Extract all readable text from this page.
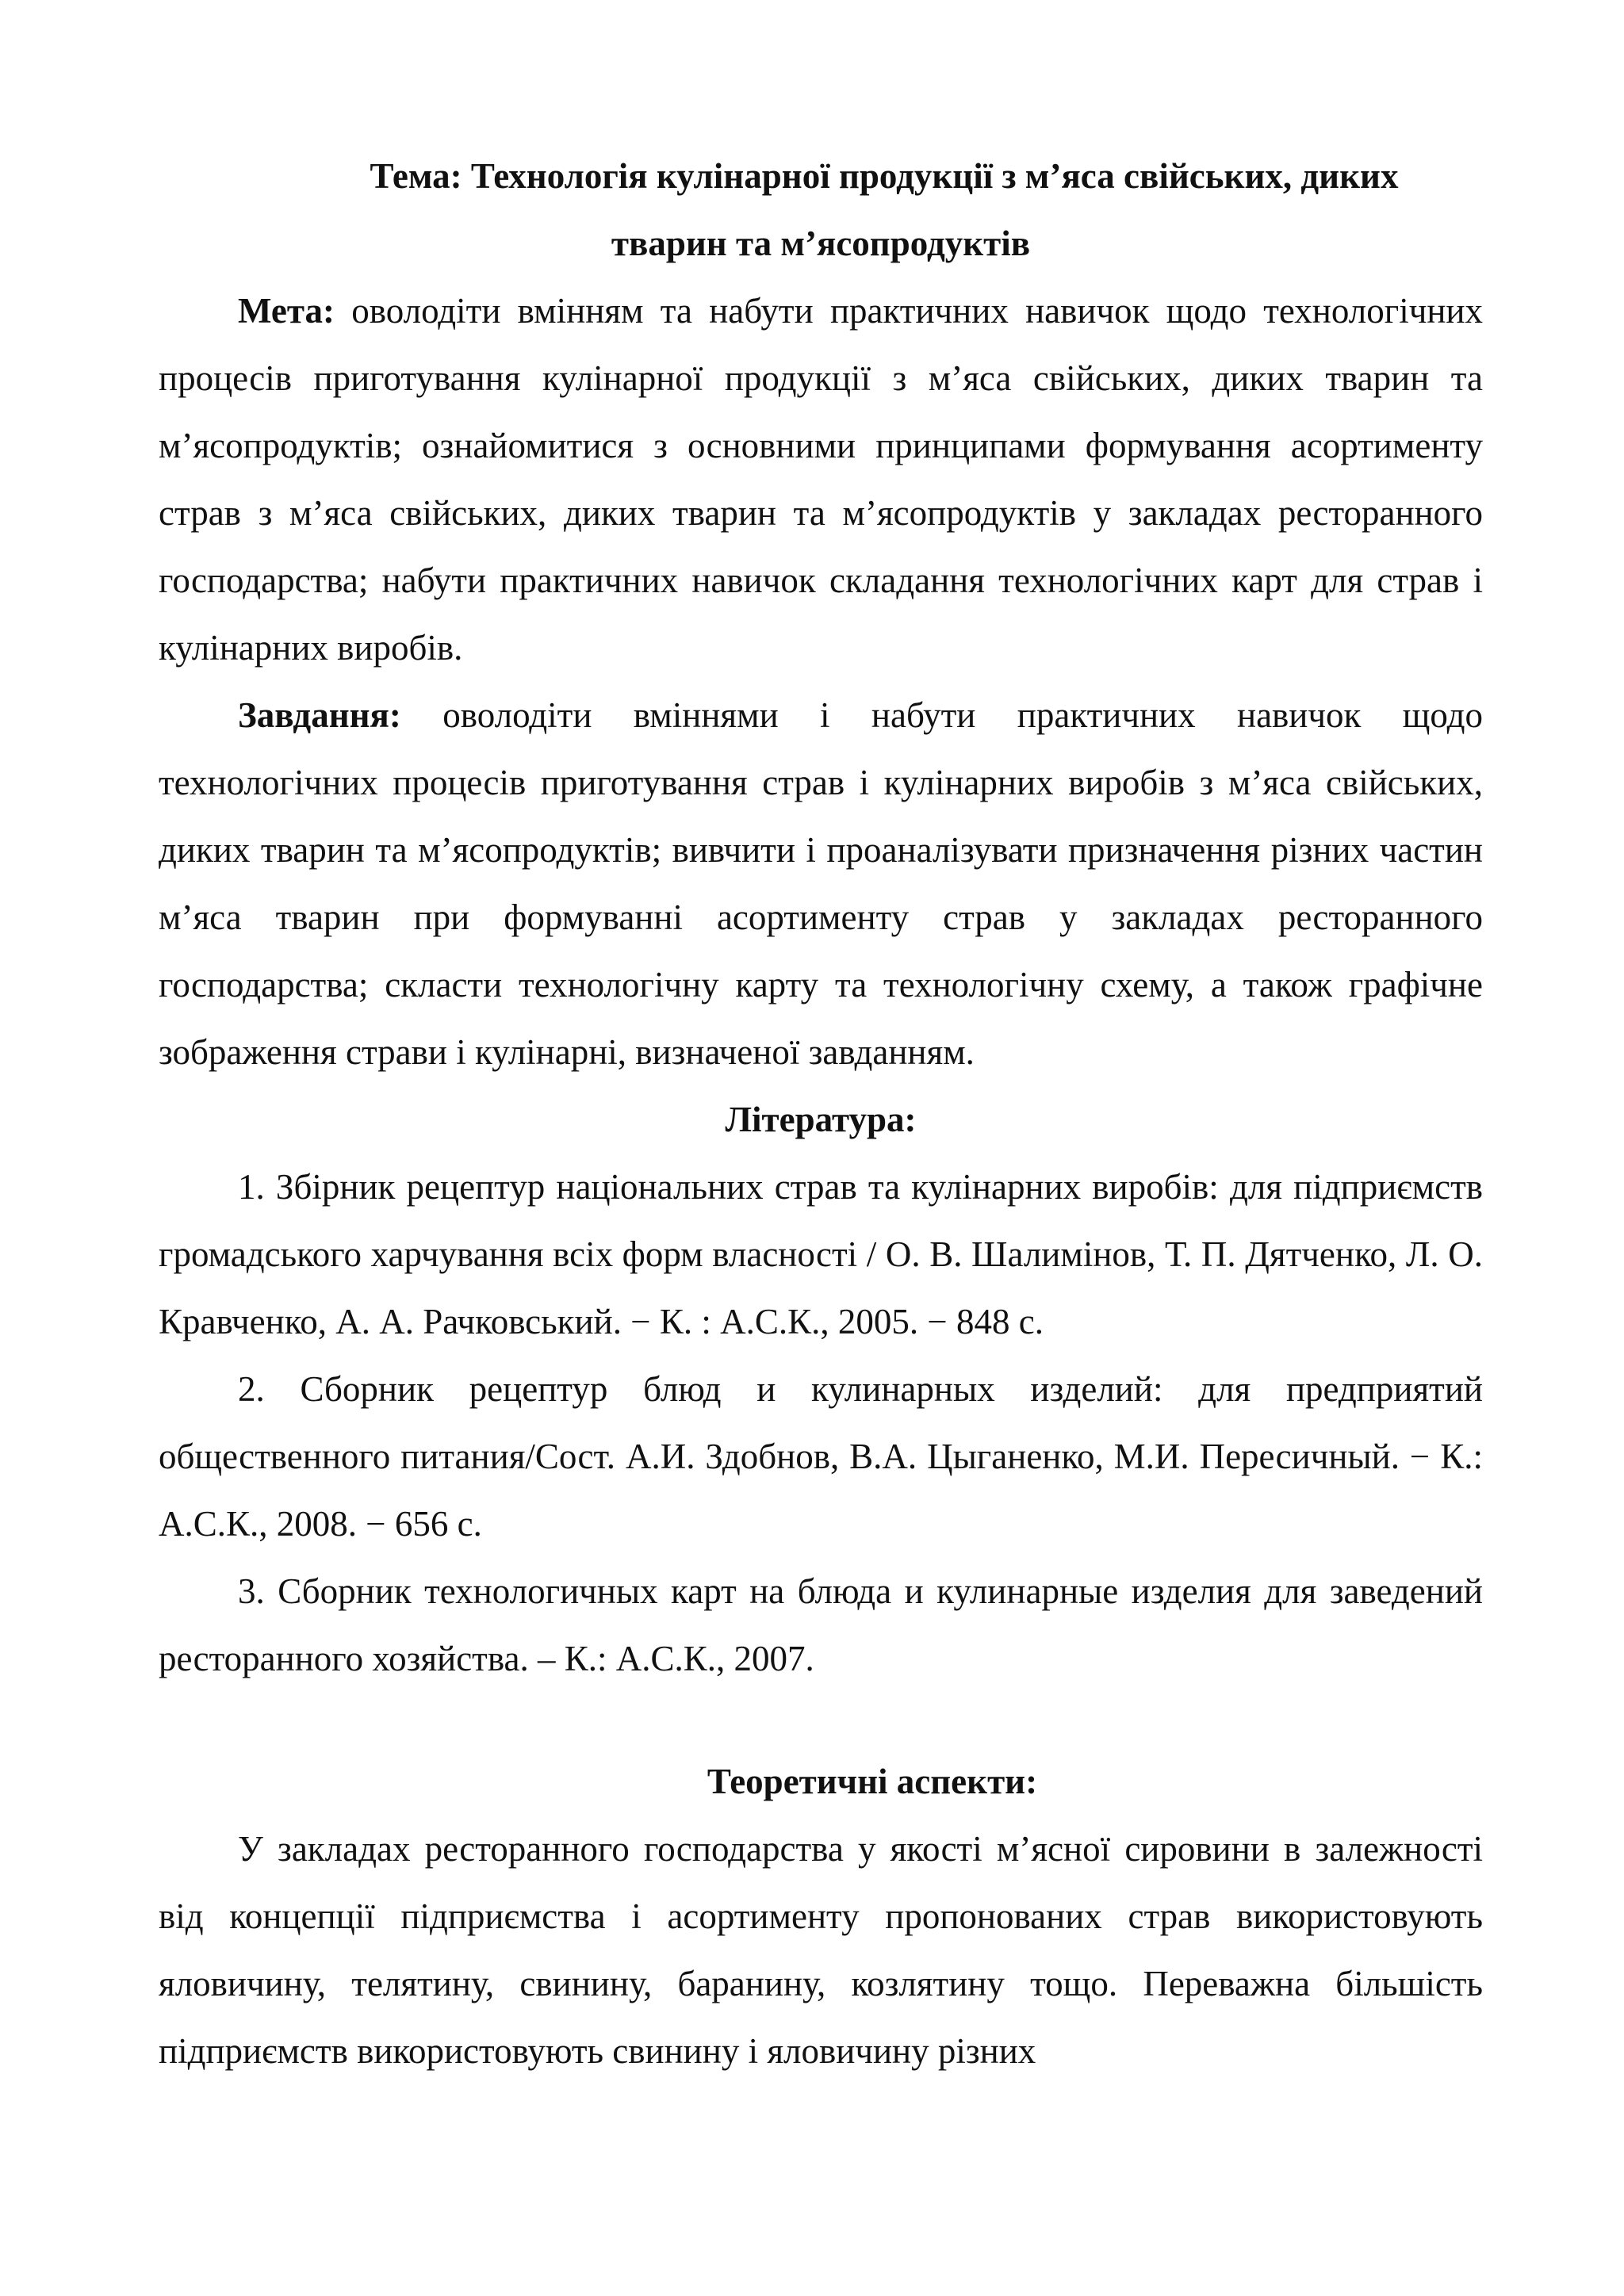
Тема: Технологія кулінарної продукції з м’яса свійських, диких
тварин та м’ясопродуктів

Мета: оволодіти вмінням та набути практичних навичок щодо технологічних процесів приготування кулінарної продукції з м’яса свійських, диких тварин та м’ясопродуктів; ознайомитися з основними принципами формування асортименту страв з м’яса свійських, диких тварин та м’ясопродуктів у закладах ресторанного господарства; набути практичних навичок складання технологічних карт для страв і кулінарних виробів.

Завдання: оволодіти вміннями і набути практичних навичок щодо технологічних процесів приготування страв і кулінарних виробів з м’яса свійських, диких тварин та м’ясопродуктів; вивчити і проаналізувати призначення різних частин м’яса тварин при формуванні асортименту страв у закладах ресторанного господарства; скласти технологічну карту та технологічну схему, а також графічне зображення страви і кулінарні, визначеної завданням.

Література:

1. Збірник рецептур національних страв та кулінарних виробів: для підприємств громадського харчування всіх форм власності / О. В. Шалимінов, Т. П. Дятченко, Л. О. Кравченко, А. А. Рачковський. − К. : А.С.К., 2005. − 848 с.

2. Сборник рецептур блюд и кулинарных изделий: для предприятий общественного питания/Сост. А.И. Здобнов, В.А. Цыганенко, М.И. Пересичный. − К.: А.С.К., 2008. − 656 с.

3. Сборник технологичных карт на блюда и кулинарные изделия для заведений ресторанного хозяйства. – К.: А.С.К., 2007.

Теоретичні аспекти:

У закладах ресторанного господарства у якості м’ясної сировини в залежності від концепції підприємства і асортименту пропонованих страв використовують яловичину, телятину, свинину, баранину, козлятину тощо. Переважна більшість підприємств використовують свинину і яловичину різних
